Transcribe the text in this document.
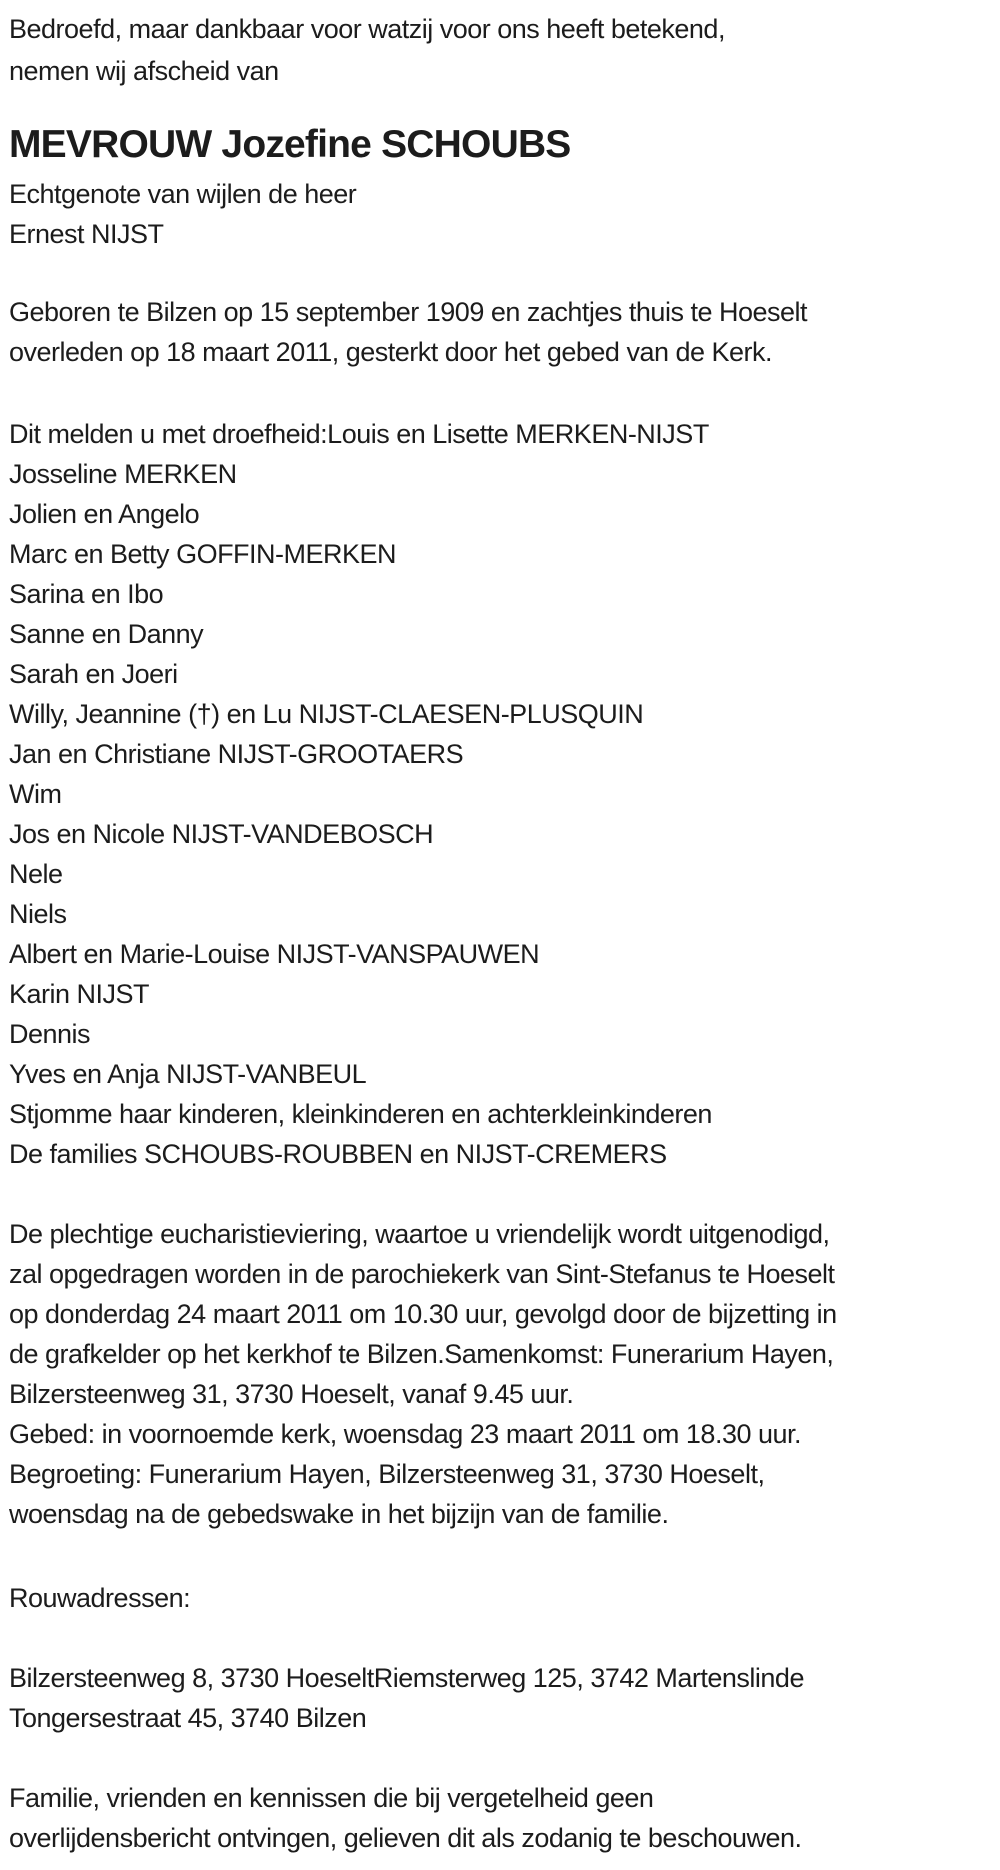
Bedroefd, maar dankbaar voor watzij voor ons heeft betekend,
nemen wij afscheid van

MEVROUW Jozefine SCHOUBS

Echtgenote van wijlen de heer
Ernest NIJST

Geboren te Bilzen op 15 september 1909 en zachtjes thuis te Hoeselt
overleden op 18 maart 2011, gesterkt door het gebed van de Kerk.

Dit melden u met droefheid:Louis en Lisette MERKEN-NIJST
Josseline MERKEN
Jolien en Angelo
Marc en Betty GOFFIN-MERKEN
Sarina en Ibo
Sanne en Danny
Sarah en Joeri
Willy, Jeannine (†) en Lu NIJST-CLAESEN-PLUSQUIN
Jan en Christiane NIJST-GROOTAERS
Wim
Jos en Nicole NIJST-VANDEBOSCH
Nele
Niels
Albert en Marie-Louise NIJST-VANSPAUWEN
Karin NIJST
Dennis
Yves en Anja NIJST-VANBEUL
Stjomme haar kinderen, kleinkinderen en achterkleinkinderen
De families SCHOUBS-ROUBBEN en NIJST-CREMERS

De plechtige eucharistieviering, waartoe u vriendelijk wordt uitgenodigd,
zal opgedragen worden in de parochiekerk van Sint-Stefanus te Hoeselt
op donderdag 24 maart 2011 om 10.30 uur, gevolgd door de bijzetting in
de grafkelder op het kerkhof te Bilzen.Samenkomst: Funerarium Hayen,
Bilzersteenweg 31, 3730 Hoeselt, vanaf 9.45 uur.
Gebed: in voornoemde kerk, woensdag 23 maart 2011 om 18.30 uur.
Begroeting: Funerarium Hayen, Bilzersteenweg 31, 3730 Hoeselt,
woensdag na de gebedswake in het bijzijn van de familie.

Rouwadressen:

Bilzersteenweg 8, 3730 HoeseltRiemsterweg 125, 3742 Martenslinde
Tongersestraat 45, 3740 Bilzen

Familie, vrienden en kennissen die bij vergetelheid geen
overlijdensbericht ontvingen, gelieven dit als zodanig te beschouwen.
